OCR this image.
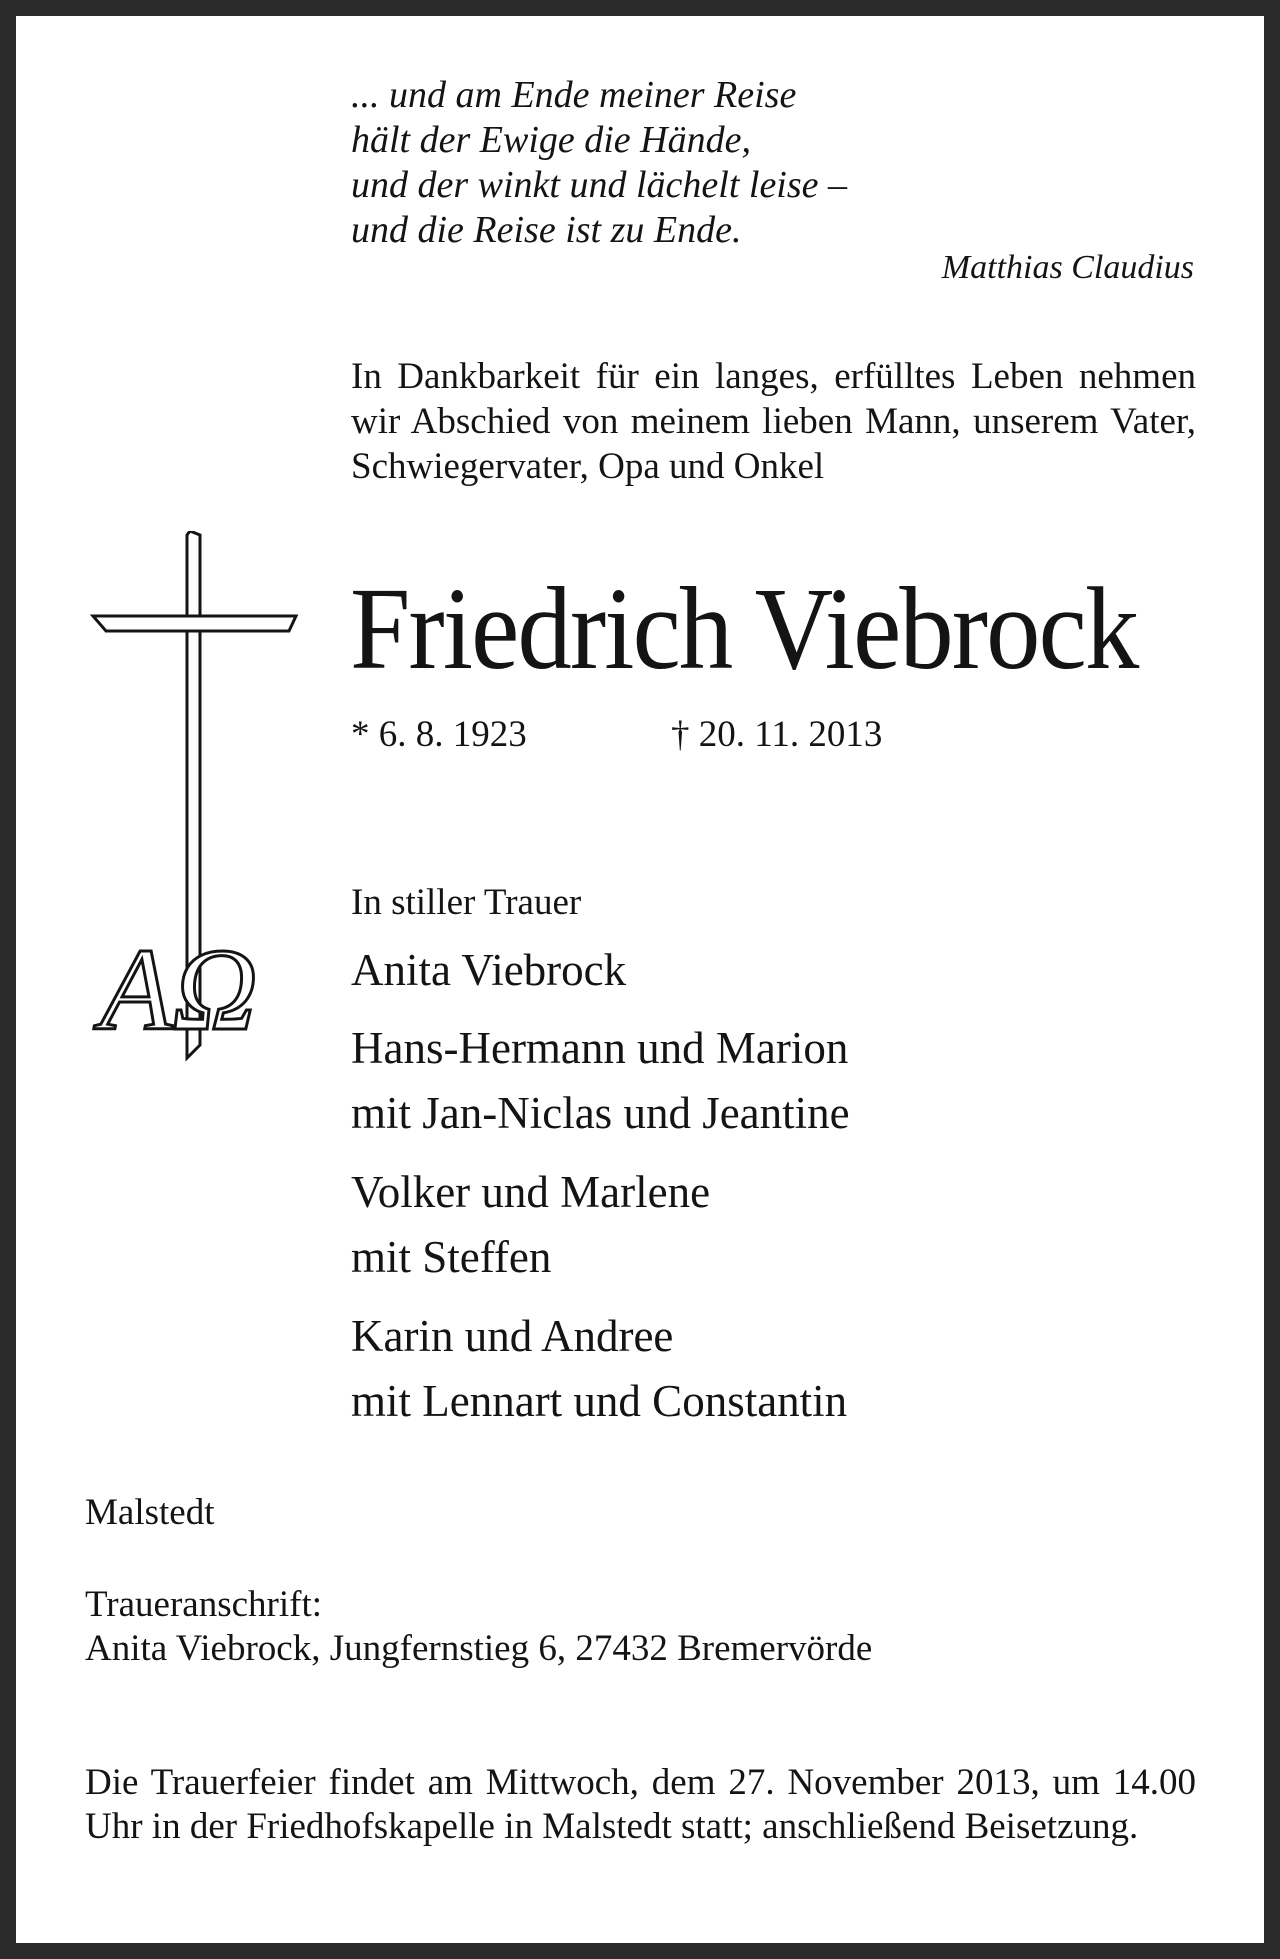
... und am Ende meiner Reise
hält der Ewige die Hände,
und der winkt und lächelt leise –
und die Reise ist zu Ende.
Matthias Claudius

In Dankbarkeit für ein langes, erfülltes Leben nehmen wir Abschied von meinem lieben Mann, unserem Vater, Schwiegervater, Opa und Onkel

AΩ
Friedrich Viebrock
* 6. 8. 1923	† 20. 11. 2013
In stiller Trauer
Anita Viebrock
Hans-Hermann und Marion
mit Jan-Niclas und Jeantine
Volker und Marlene
mit Steffen
Karin und Andree
mit Lennart und Constantin
Malstedt
Traueranschrift:
Anita Viebrock, Jungfernstieg 6, 27432 Bremervörde

Die Trauerfeier findet am Mittwoch, dem 27. November 2013, um 14.00 Uhr in der Friedhofskapelle in Malstedt statt; anschließend Beisetzung.
